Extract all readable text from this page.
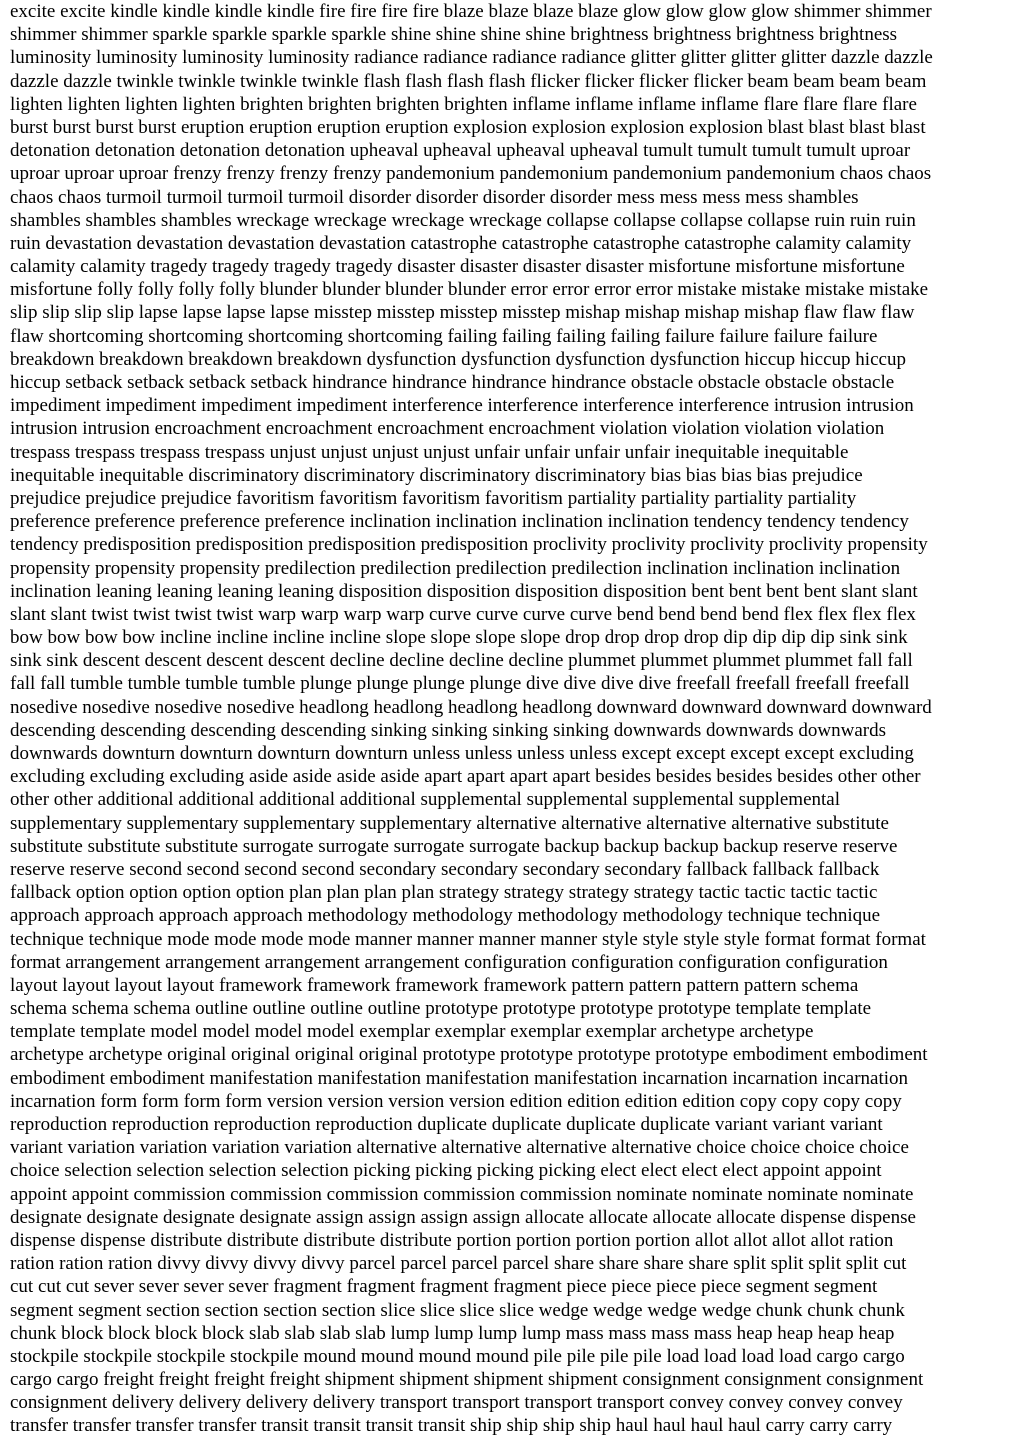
excite excite kindle kindle kindle kindle fire fire fire fire blaze blaze blaze blaze glow glow glow glow shimmer shimmer
shimmer shimmer sparkle sparkle sparkle sparkle shine shine shine shine brightness brightness brightness brightness
luminosity luminosity luminosity luminosity radiance radiance radiance radiance glitter glitter glitter glitter dazzle dazzle
dazzle dazzle twinkle twinkle twinkle twinkle flash flash flash flash flicker flicker flicker flicker beam beam beam beam
lighten lighten lighten lighten brighten brighten brighten brighten inflame inflame inflame inflame flare flare flare flare
burst burst burst burst eruption eruption eruption eruption explosion explosion explosion explosion blast blast blast blast
detonation detonation detonation detonation upheaval upheaval upheaval upheaval tumult tumult tumult tumult uproar
uproar uproar uproar frenzy frenzy frenzy frenzy pandemonium pandemonium pandemonium pandemonium chaos chaos
chaos chaos turmoil turmoil turmoil turmoil disorder disorder disorder disorder mess mess mess mess shambles
shambles shambles shambles wreckage wreckage wreckage wreckage collapse collapse collapse collapse ruin ruin ruin
ruin devastation devastation devastation devastation catastrophe catastrophe catastrophe catastrophe calamity calamity
calamity calamity tragedy tragedy tragedy tragedy disaster disaster disaster disaster misfortune misfortune misfortune
misfortune folly folly folly folly blunder blunder blunder blunder error error error error mistake mistake mistake mistake
slip slip slip slip lapse lapse lapse lapse misstep misstep misstep misstep mishap mishap mishap mishap flaw flaw flaw
flaw shortcoming shortcoming shortcoming shortcoming failing failing failing failing failure failure failure failure
breakdown breakdown breakdown breakdown dysfunction dysfunction dysfunction dysfunction hiccup hiccup hiccup
hiccup setback setback setback setback hindrance hindrance hindrance hindrance obstacle obstacle obstacle obstacle
impediment impediment impediment impediment interference interference interference interference intrusion intrusion
intrusion intrusion encroachment encroachment encroachment encroachment violation violation violation violation
trespass trespass trespass trespass unjust unjust unjust unjust unfair unfair unfair unfair inequitable inequitable
inequitable inequitable discriminatory discriminatory discriminatory discriminatory bias bias bias bias prejudice
prejudice prejudice prejudice favoritism favoritism favoritism favoritism partiality partiality partiality partiality
preference preference preference preference inclination inclination inclination inclination tendency tendency tendency
tendency predisposition predisposition predisposition predisposition proclivity proclivity proclivity proclivity propensity
propensity propensity propensity predilection predilection predilection predilection inclination inclination inclination
inclination leaning leaning leaning leaning disposition disposition disposition disposition bent bent bent bent slant slant
slant slant twist twist twist twist warp warp warp warp curve curve curve curve bend bend bend bend flex flex flex flex
bow bow bow bow incline incline incline incline slope slope slope slope drop drop drop drop dip dip dip dip sink sink
sink sink descent descent descent descent decline decline decline decline plummet plummet plummet plummet fall fall
fall fall tumble tumble tumble tumble plunge plunge plunge plunge dive dive dive dive freefall freefall freefall freefall
nosedive nosedive nosedive nosedive headlong headlong headlong headlong downward downward downward downward
descending descending descending descending sinking sinking sinking sinking downwards downwards downwards
downwards downturn downturn downturn downturn unless unless unless unless except except except except excluding
excluding excluding excluding aside aside aside aside apart apart apart apart besides besides besides besides other other
other other additional additional additional additional supplemental supplemental supplemental supplemental
supplementary supplementary supplementary supplementary alternative alternative alternative alternative substitute
substitute substitute substitute surrogate surrogate surrogate surrogate backup backup backup backup reserve reserve
reserve reserve second second second second secondary secondary secondary secondary fallback fallback fallback
fallback option option option option plan plan plan plan strategy strategy strategy strategy tactic tactic tactic tactic
approach approach approach approach methodology methodology methodology methodology technique technique
technique technique mode mode mode mode manner manner manner manner style style style style format format format
format arrangement arrangement arrangement arrangement configuration configuration configuration configuration
layout layout layout layout framework framework framework framework pattern pattern pattern pattern schema
schema schema schema outline outline outline outline prototype prototype prototype prototype template template
template template model model model model exemplar exemplar exemplar exemplar archetype archetype
archetype archetype original original original original prototype prototype prototype prototype embodiment embodiment
embodiment embodiment manifestation manifestation manifestation manifestation incarnation incarnation incarnation
incarnation form form form form version version version version edition edition edition edition copy copy copy copy
reproduction reproduction reproduction reproduction duplicate duplicate duplicate duplicate variant variant variant
variant variation variation variation variation alternative alternative alternative alternative choice choice choice choice
choice selection selection selection selection picking picking picking picking elect elect elect elect appoint appoint
appoint appoint commission commission commission commission commission nominate nominate nominate nominate
designate designate designate designate assign assign assign assign allocate allocate allocate allocate dispense dispense
dispense dispense distribute distribute distribute distribute portion portion portion portion allot allot allot allot ration
ration ration ration divvy divvy divvy divvy parcel parcel parcel parcel share share share share split split split split cut
cut cut cut sever sever sever sever fragment fragment fragment fragment piece piece piece piece segment segment
segment segment section section section section slice slice slice slice wedge wedge wedge wedge chunk chunk chunk
chunk block block block block slab slab slab slab lump lump lump lump mass mass mass mass heap heap heap heap
stockpile stockpile stockpile stockpile mound mound mound mound pile pile pile pile load load load load cargo cargo
cargo cargo freight freight freight freight shipment shipment shipment shipment consignment consignment consignment
consignment delivery delivery delivery delivery transport transport transport transport convey convey convey convey
transfer transfer transfer transfer transit transit transit transit ship ship ship ship haul haul haul haul carry carry carry
